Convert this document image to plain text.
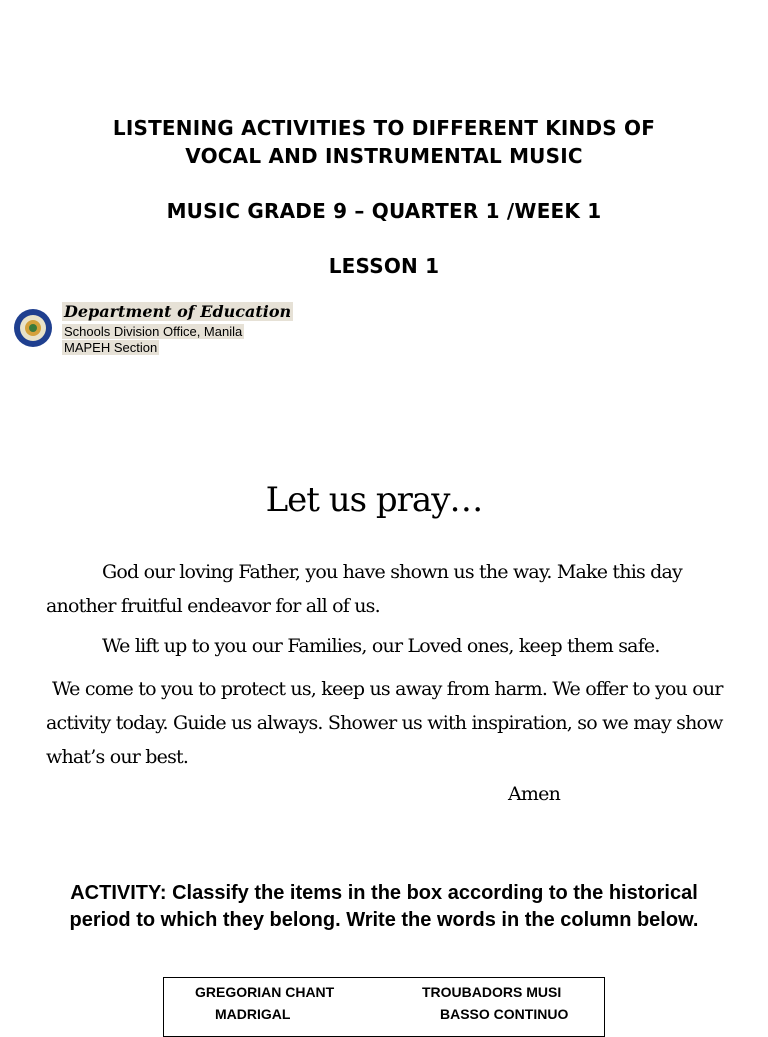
LISTENING ACTIVITIES TO DIFFERENT KINDS OF
VOCAL AND INSTRUMENTAL MUSIC
MUSIC GRADE 9 – QUARTER 1 /WEEK 1
LESSON 1
Department of Education
Schools Division Office, Manila
MAPEH Section
Let us pray…
God our loving Father, you have shown us the way. Make this day another fruitful endeavor for all of us.
We lift up to you our Families, our Loved ones, keep them safe.
We come to you to protect us, keep us away from harm. We offer to you our activity today. Guide us always. Shower us with inspiration, so we may show what’s our best.
Amen
ACTIVITY: Classify the items in the box according to the historical period to which they belong. Write the words in the column below.
GREGORIAN CHANT	TROUBADORS MUSI
MADRIGAL	BASSO CONTINUO
